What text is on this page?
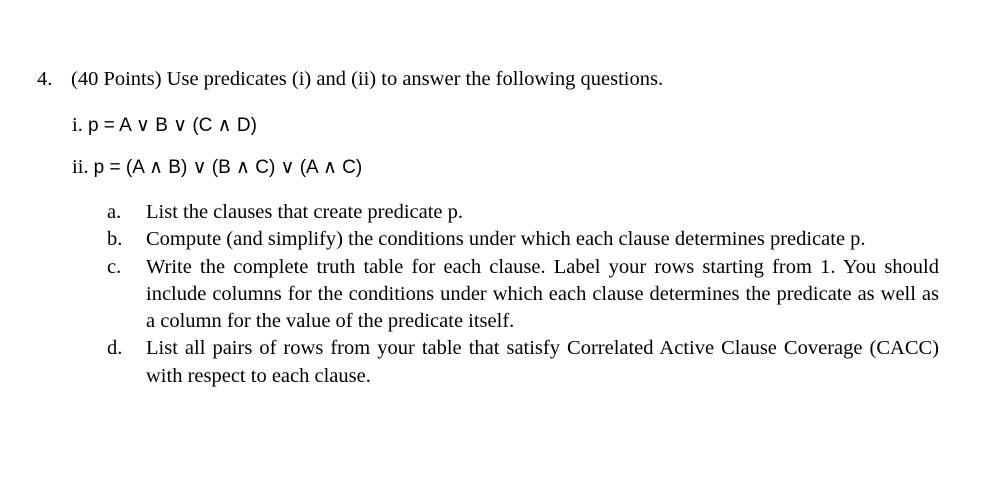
4. (40 Points) Use predicates (i) and (ii) to answer the following questions.
i. p = A ∨ B ∨ (C ∧ D)
ii. p = (A ∧ B) ∨ (B ∧ C) ∨ (A ∧ C)
a.	List the clauses that create predicate p.
b.	Compute (and simplify) the conditions under which each clause determines predicate p.
c.	Write the complete truth table for each clause. Label your rows starting from 1. You should include columns for the conditions under which each clause determines the predicate as well as a column for the value of the predicate itself.
d.	List all pairs of rows from your table that satisfy Correlated Active Clause Coverage (CACC) with respect to each clause.
